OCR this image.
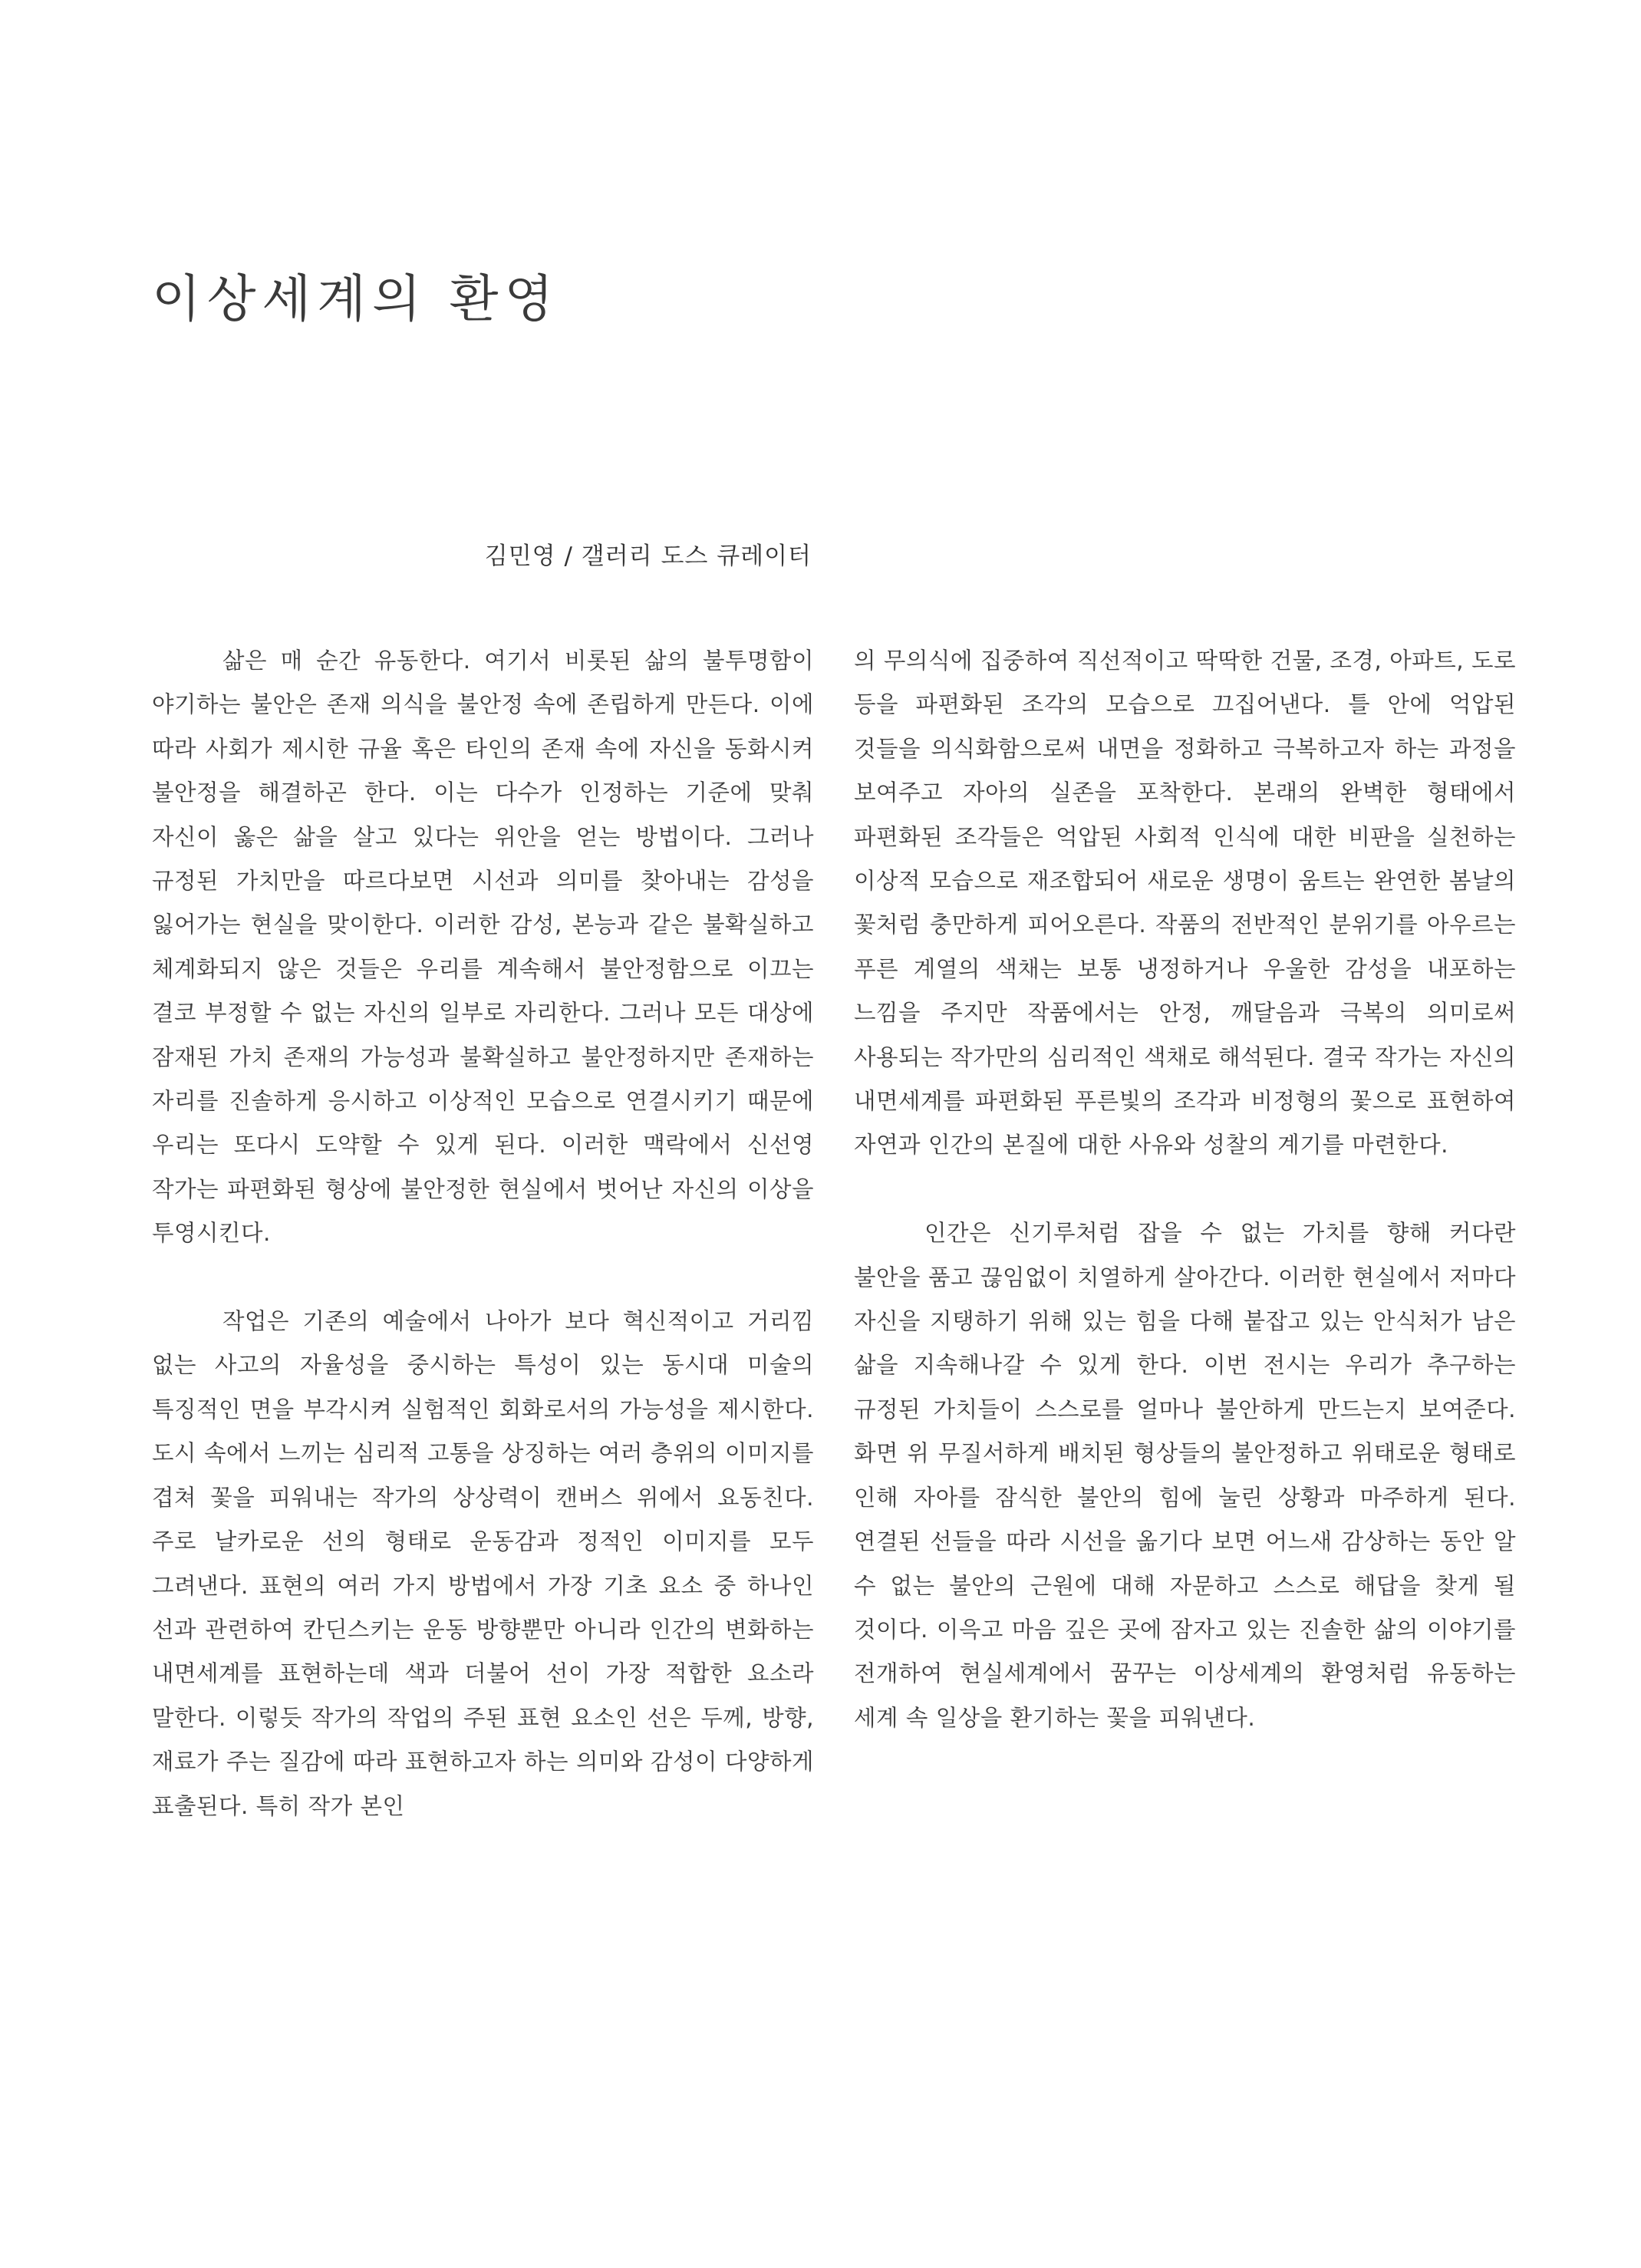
이상세계의 환영
김민영 / 갤러리 도스 큐레이터

삶은 매 순간 유동한다. 여기서 비롯된 삶의 불투명함이 야기하는 불안은 존재 의식을 불안정 속에 존립하게 만든다. 이에 따라 사회가 제시한 규율 혹은 타인의 존재 속에 자신을 동화시켜 불안정을 해결하곤 한다. 이는 다수가 인정하는 기준에 맞춰 자신이 옳은 삶을 살고 있다는 위안을 얻는 방법이다. 그러나 규정된 가치만을 따르다보면 시선과 의미를 찾아내는 감성을 잃어가는 현실을 맞이한다. 이러한 감성, 본능과 같은 불확실하고 체계화되지 않은 것들은 우리를 계속해서 불안정함으로 이끄는 결코 부정할 수 없는 자신의 일부로 자리한다. 그러나 모든 대상에 잠재된 가치 존재의 가능성과 불확실하고 불안정하지만 존재하는 자리를 진솔하게 응시하고 이상적인 모습으로 연결시키기 때문에 우리는 또다시 도약할 수 있게 된다. 이러한 맥락에서 신선영 작가는 파편화된 형상에 불안정한 현실에서 벗어난 자신의 이상을 투영시킨다.

작업은 기존의 예술에서 나아가 보다 혁신적이고 거리낌 없는 사고의 자율성을 중시하는 특성이 있는 동시대 미술의 특징적인 면을 부각시켜 실험적인 회화로서의 가능성을 제시한다. 도시 속에서 느끼는 심리적 고통을 상징하는 여러 층위의 이미지를 겹쳐 꽃을 피워내는 작가의 상상력이 캔버스 위에서 요동친다. 주로 날카로운 선의 형태로 운동감과 정적인 이미지를 모두 그려낸다. 표현의 여러 가지 방법에서 가장 기초 요소 중 하나인 선과 관련하여 칸딘스키는 운동 방향뿐만 아니라 인간의 변화하는 내면세계를 표현하는데 색과 더불어 선이 가장 적합한 요소라 말한다. 이렇듯 작가의 작업의 주된 표현 요소인 선은 두께, 방향, 재료가 주는 질감에 따라 표현하고자 하는 의미와 감성이 다양하게 표출된다. 특히 작가 본인

의 무의식에 집중하여 직선적이고 딱딱한 건물, 조경, 아파트, 도로 등을 파편화된 조각의 모습으로 끄집어낸다. 틀 안에 억압된 것들을 의식화함으로써 내면을 정화하고 극복하고자 하는 과정을 보여주고 자아의 실존을 포착한다. 본래의 완벽한 형태에서 파편화된 조각들은 억압된 사회적 인식에 대한 비판을 실천하는 이상적 모습으로 재조합되어 새로운 생명이 움트는 완연한 봄날의 꽃처럼 충만하게 피어오른다. 작품의 전반적인 분위기를 아우르는 푸른 계열의 색채는 보통 냉정하거나 우울한 감성을 내포하는 느낌을 주지만 작품에서는 안정, 깨달음과 극복의 의미로써 사용되는 작가만의 심리적인 색채로 해석된다. 결국 작가는 자신의 내면세계를 파편화된 푸른빛의 조각과 비정형의 꽃으로 표현하여 자연과 인간의 본질에 대한 사유와 성찰의 계기를 마련한다.

인간은 신기루처럼 잡을 수 없는 가치를 향해 커다란 불안을 품고 끊임없이 치열하게 살아간다. 이러한 현실에서 저마다 자신을 지탱하기 위해 있는 힘을 다해 붙잡고 있는 안식처가 남은 삶을 지속해나갈 수 있게 한다. 이번 전시는 우리가 추구하는 규정된 가치들이 스스로를 얼마나 불안하게 만드는지 보여준다. 화면 위 무질서하게 배치된 형상들의 불안정하고 위태로운 형태로 인해 자아를 잠식한 불안의 힘에 눌린 상황과 마주하게 된다. 연결된 선들을 따라 시선을 옮기다 보면 어느새 감상하는 동안 알 수 없는 불안의 근원에 대해 자문하고 스스로 해답을 찾게 될 것이다. 이윽고 마음 깊은 곳에 잠자고 있는 진솔한 삶의 이야기를 전개하여 현실세계에서 꿈꾸는 이상세계의 환영처럼 유동하는 세계 속 일상을 환기하는 꽃을 피워낸다.
